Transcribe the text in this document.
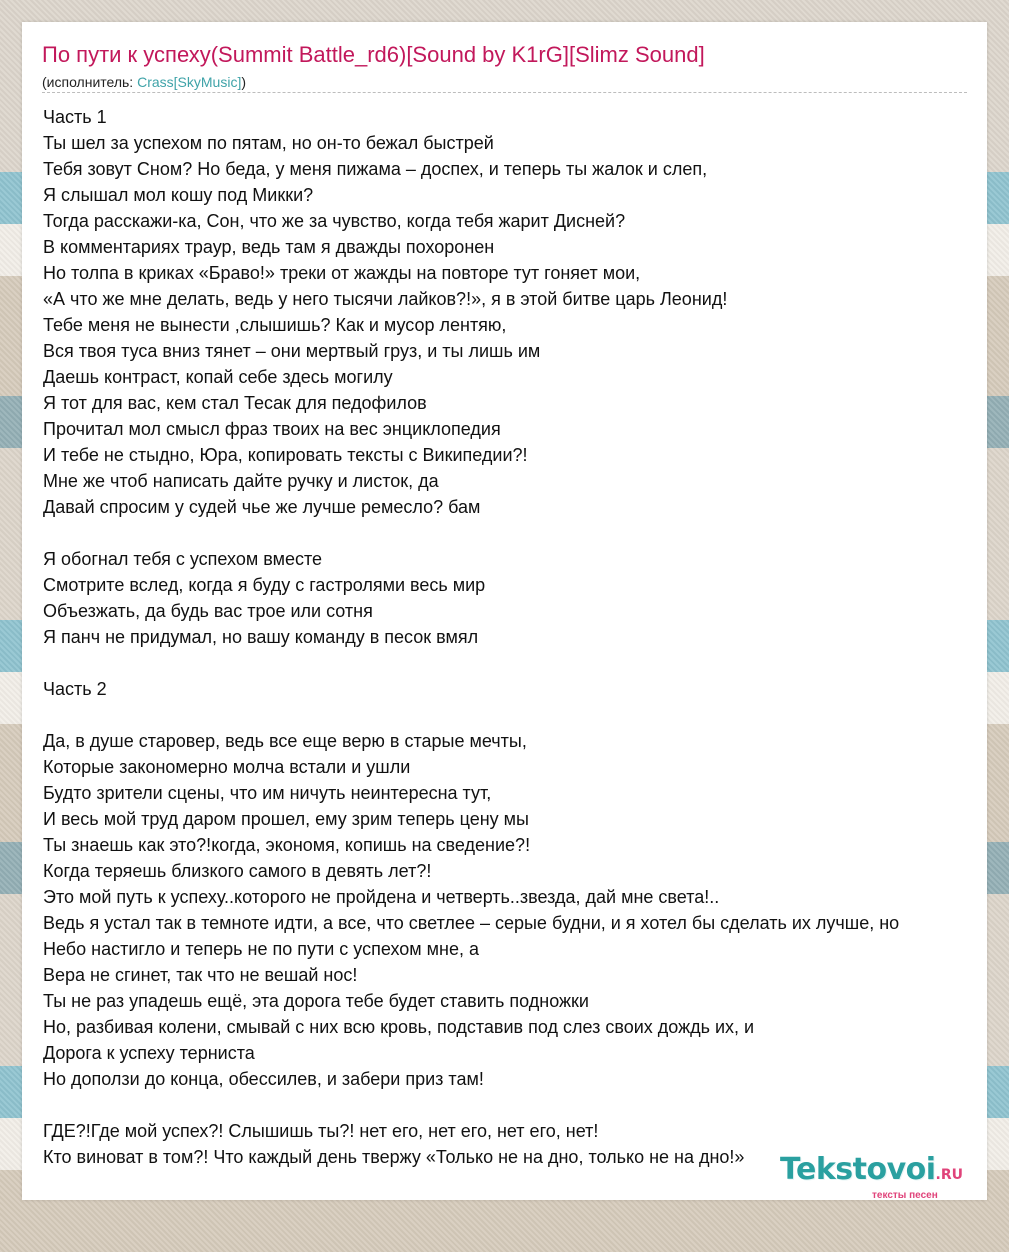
По пути к успеху(Summit Battle_rd6)[Sound by K1rG][Slimz Sound]
(исполнитель: Crass[SkyMusic])
Часть 1
Ты шел за успехом по пятам, но он-то бежал быстрей
Тебя зовут Сном? Но беда, у меня пижама – доспех, и теперь ты жалок и слеп,
Я слышал мол кошу под Микки?
Тогда расскажи-ка, Сон, что же за чувство, когда тебя жарит Дисней?
В комментариях траур, ведь там я дважды похоронен
Но толпа в криках «Браво!» треки от жажды на повторе тут гоняет мои,
«А что же мне делать, ведь у него тысячи лайков?!», я в этой битве царь Леонид!
Тебе меня не вынести ,слышишь? Как и мусор лентяю,
Вся твоя туса вниз тянет – они мертвый груз, и ты лишь им
Даешь контраст, копай себе здесь могилу
Я тот для вас, кем стал Тесак для педофилов
Прочитал мол смысл фраз твоих на вес энциклопедия
И тебе не стыдно, Юра, копировать тексты с Википедии?!
Мне же чтоб написать дайте ручку и листок, да
Давай спросим у судей чье же лучше ремесло? бам
Я обогнал тебя с успехом вместе
Смотрите вслед, когда я буду с гастролями весь мир
Объезжать, да будь вас трое или сотня
Я панч не придумал, но вашу команду в песок вмял
Часть 2
Да, в душе старовер, ведь все еще верю в старые мечты,
Которые закономерно молча встали и ушли
Будто зрители сцены, что им ничуть неинтересна тут,
И весь мой труд даром прошел, ему зрим теперь цену мы
Ты знаешь как это?!когда, экономя, копишь на сведение?!
Когда теряешь близкого самого в девять лет?!
Это мой путь к успеху..которого не пройдена и четверть..звезда, дай мне света!..
Ведь я устал так в темноте идти, а все, что светлее – серые будни, и я хотел бы сделать их лучше, но
Небо настигло и теперь не по пути с успехом мне, а
Вера не сгинет, так что не вешай нос!
Ты не раз упадешь ещё, эта дорога тебе будет ставить подножки
Но, разбивая колени, смывай с них всю кровь, подставив под слез своих дождь их, и
Дорога к успеху терниста
Но доползи до конца, обессилев, и забери приз там!
ГДЕ?!Где мой успех?! Слышишь ты?! нет его, нет его, нет его, нет!
Кто виноват в том?! Что каждый день твержу «Только не на дно, только не на дно!»	Tekstovoi.RU
тексты песен
